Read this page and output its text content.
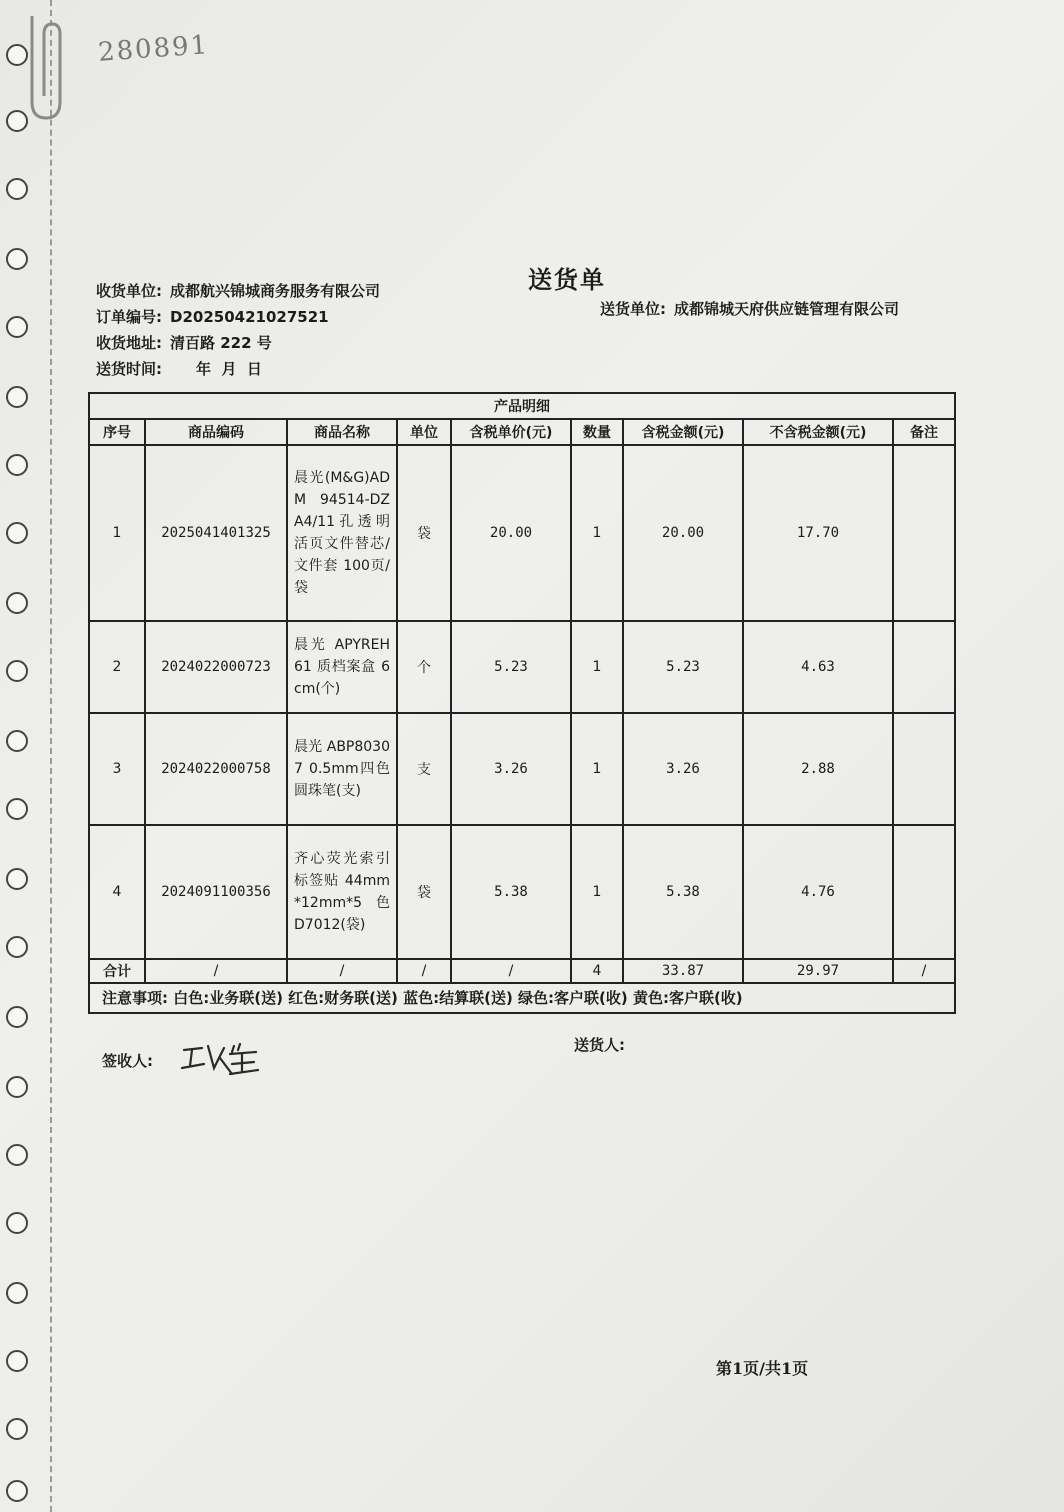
280891
送货单
收货单位: 成都航兴锦城商务服务有限公司
订单编号: D20250421027521
收货地址: 清百路 222 号
送货时间: 年  月  日
送货单位: 成都锦城天府供应链管理有限公司
产品明细								
序号	商品编码	商品名称	单位	含税单价(元)	数量	含税金额(元)	不含税金额(元)	备注
1	2025041401325	晨光(M&G)ADM 94514-DZ A4/11孔透明活页文件替芯/文件套 100页/袋	袋	20.00	1	20.00	17.70	
2	2024022000723	晨光 APYREH61 质档案盒 6cm(个)	个	5.23	1	5.23	4.63	
3	2024022000758	晨光 ABP80307 0.5mm四色圆珠笔(支)	支	3.26	1	3.26	2.88	
4	2024091100356	齐心荧光索引标签贴 44mm*12mm*5色 D7012(袋)	袋	5.38	1	5.38	4.76	
合计	/	/	/	/	4	33.87	29.97	/
注意事项: 白色:业务联(送) 红色:财务联(送) 蓝色:结算联(送) 绿色:客户联(收) 黄色:客户联(收)								
签收人:
送货人:
第1页/共1页
